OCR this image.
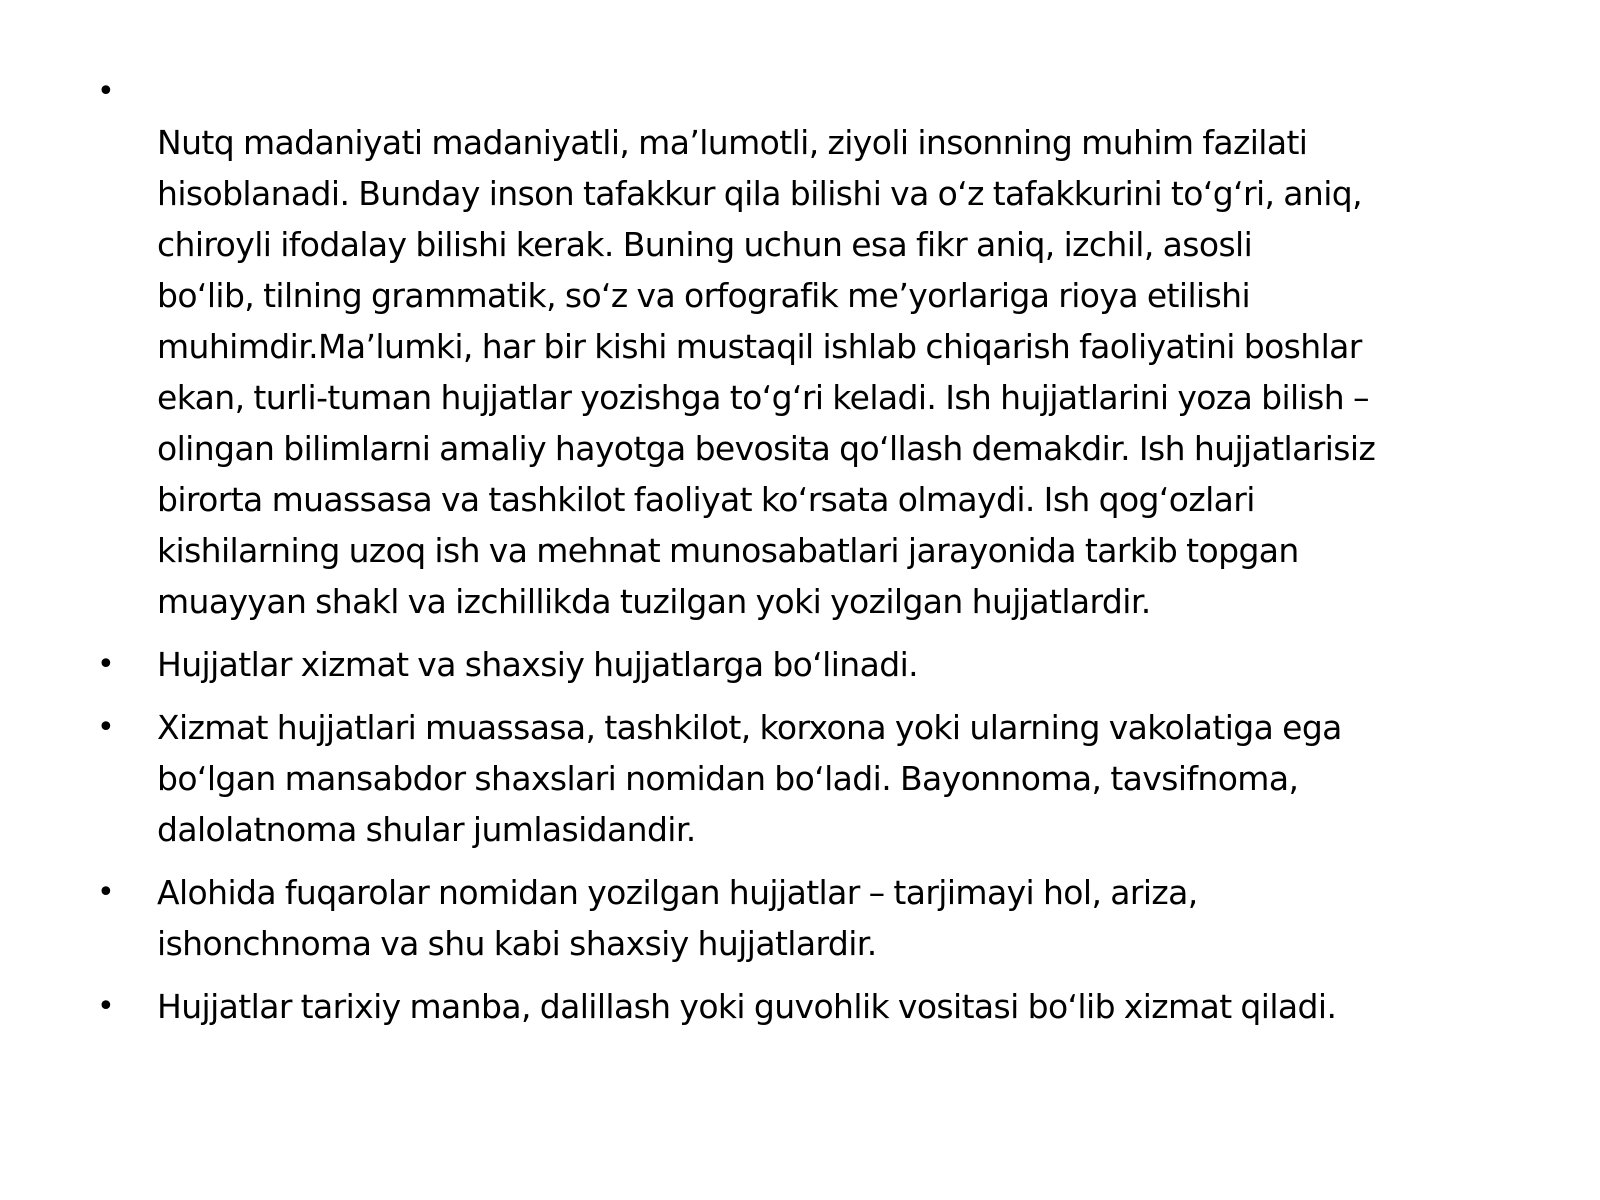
•
Nutq madaniyati madaniyatli, ma’lumotli, ziyoli insonning muhim fazilati
hisoblanadi. Bunday inson tafakkur qila bilishi va o‘z tafakkurini to‘g‘ri, aniq,
chiroyli ifodalay bilishi kerak. Buning uchun esa fikr aniq, izchil, asosli
bo‘lib, tilning grammatik, so‘z va orfografik me’yorlariga rioya etilishi
muhimdir.Ma’lumki, har bir kishi mustaqil ishlab chiqarish faoliyatini boshlar
ekan, turli-tuman hujjatlar yozishga to‘g‘ri keladi. Ish hujjatlarini yoza bilish –
olingan bilimlarni amaliy hayotga bevosita qo‘llash demakdir. Ish hujjatlarisiz
birorta muassasa va tashkilot faoliyat ko‘rsata olmaydi. Ish qog‘ozlari
kishilarning uzoq ish va mehnat munosabatlari jarayonida tarkib topgan
muayyan shakl va izchillikda tuzilgan yoki yozilgan hujjatlardir.
• Hujjatlar xizmat va shaxsiy hujjatlarga bo‘linadi.
• Xizmat hujjatlari muassasa, tashkilot, korxona yoki ularning vakolatiga ega
bo‘lgan mansabdor shaxslari nomidan bo‘ladi. Bayonnoma, tavsifnoma,
dalolatnoma shular jumlasidandir.
• Alohida fuqarolar nomidan yozilgan hujjatlar – tarjimayi hol, ariza,
ishonchnoma va shu kabi shaxsiy hujjatlardir.
• Hujjatlar tarixiy manba, dalillash yoki guvohlik vositasi bo‘lib xizmat qiladi.
